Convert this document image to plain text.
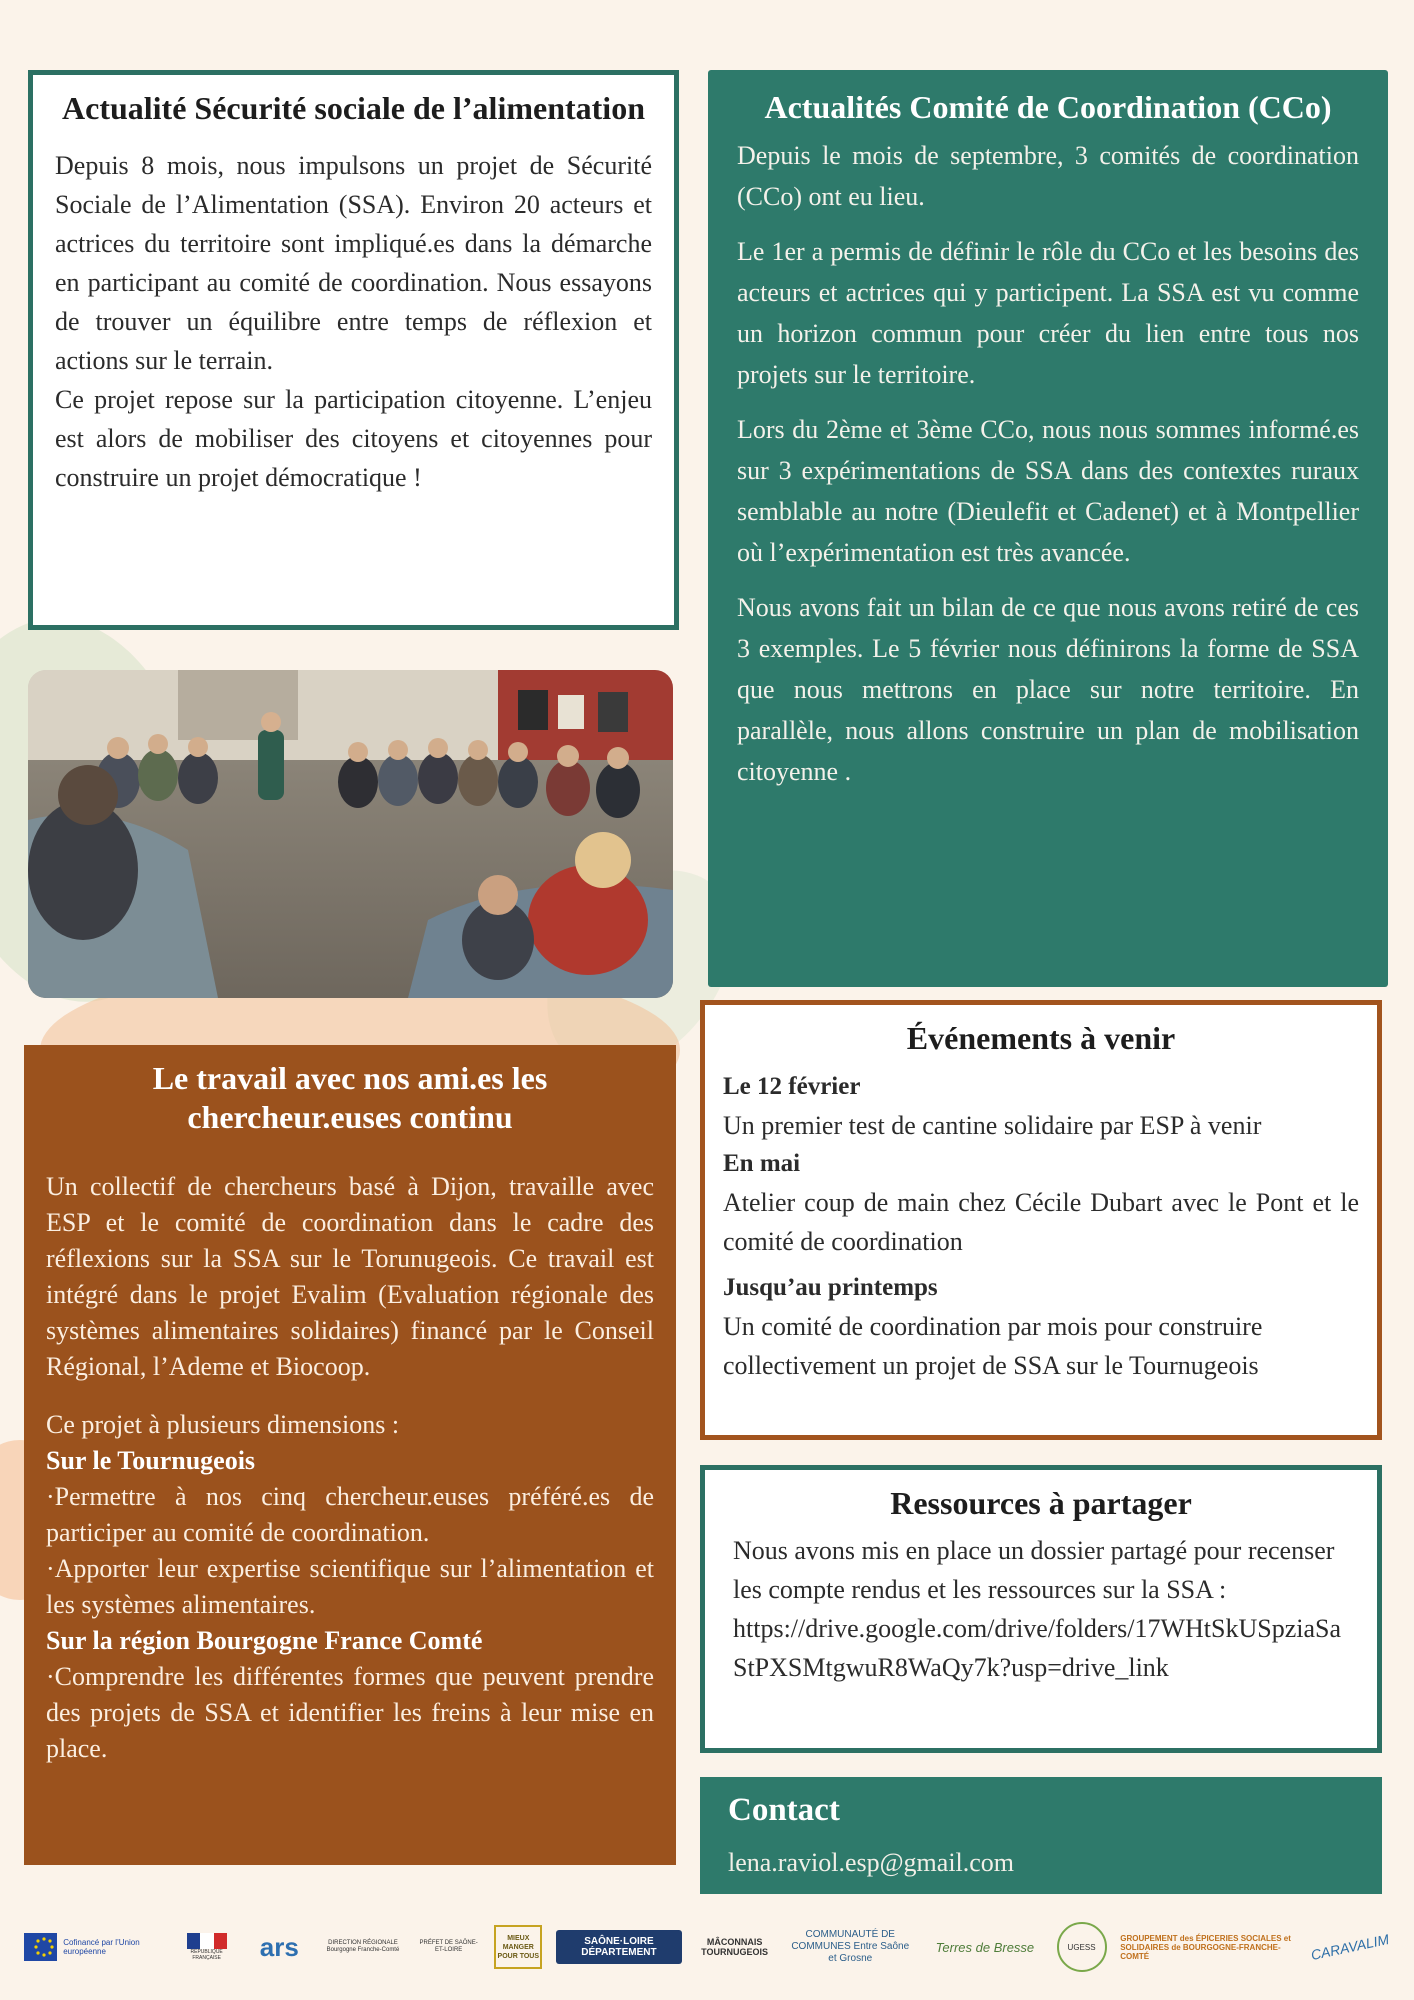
Actualité Sécurité sociale de l’alimentation

Depuis 8 mois, nous impulsons un projet de Sécurité Sociale de l’Alimentation (SSA). Environ 20 acteurs et actrices du territoire sont impliqué.es dans la démarche en participant au comité de coordination. Nous essayons de trouver un équilibre entre temps de réflexion et actions sur le terrain.

Ce projet repose sur la participation citoyenne. L’enjeu est alors de mobiliser des citoyens et citoyennes pour construire un projet démocratique !

Actualités Comité de Coordination (CCo)

Depuis le mois de septembre, 3 comités de coordination (CCo) ont eu lieu.

Le 1er a permis de définir le rôle du CCo et les besoins des acteurs et actrices qui y participent. La SSA est vu comme un horizon commun pour créer du lien entre tous nos projets sur le territoire.

Lors du 2ème et 3ème CCo, nous nous sommes informé.es sur 3 expérimentations de SSA dans des contextes ruraux semblable au notre (Dieulefit et Cadenet) et à Montpellier où l’expérimentation est très avancée.

Nous avons fait un bilan de ce que nous avons retiré de ces 3 exemples. Le 5 février nous définirons la forme de SSA que nous mettrons en place sur notre territoire. En parallèle, nous allons construire un plan de mobilisation citoyenne .

Le travail avec nos ami.es les chercheur.euses continu

Un collectif de chercheurs basé à Dijon, travaille avec ESP et le comité de coordination dans le cadre des réflexions sur la SSA sur le Torunugeois. Ce travail est intégré dans le projet Evalim (Evaluation régionale des systèmes alimentaires solidaires) financé par le Conseil Régional, l’Ademe et Biocoop.

Ce projet à plusieurs dimensions :

Sur le Tournugeois

·Permettre à nos cinq chercheur.euses préféré.es de participer au comité de coordination.

·Apporter leur expertise scientifique sur l’alimentation et les systèmes alimentaires.

Sur la région Bourgogne France Comté

·Comprendre les différentes formes que peuvent prendre des projets de SSA et identifier les freins à leur mise en place.

Événements à venir
Le 12 février
Un premier test de cantine solidaire par ESP à venir
En mai

Atelier coup de main chez Cécile Dubart avec le Pont et le comité de coordination

Jusqu’au printemps
Un comité de coordination par mois pour construire collectivement un projet de SSA sur le Tournugeois
Ressources à partager

Nous avons mis en place un dossier partagé pour recenser les compte rendus et les ressources sur la SSA :

https://drive.google.com/drive/folders/17WHtSkUSpziaSaStPXSMtgwuR8WaQy7k?usp=drive_link

Contact
lena.raviol.esp@gmail.com
Cofinancé par l’Union européenne	RÉPUBLIQUE FRANÇAISE	ars	DIRECTION RÉGIONALE Bourgogne Franche-Comté
PRÉFET DE SAÔNE-ET-LOIRE
MIEUX MANGER POUR TOUS
SAÔNE·LOIRE DÉPARTEMENT
MÂCONNAIS TOURNUGEOIS
COMMUNAUTÉ DE COMMUNES Entre Saône et Grosne
Terres de Bresse	UGESS
GROUPEMENT des ÉPICERIES SOCIALES et SOLIDAIRES de BOURGOGNE-FRANCHE-COMTÉ	CARAVALIM
